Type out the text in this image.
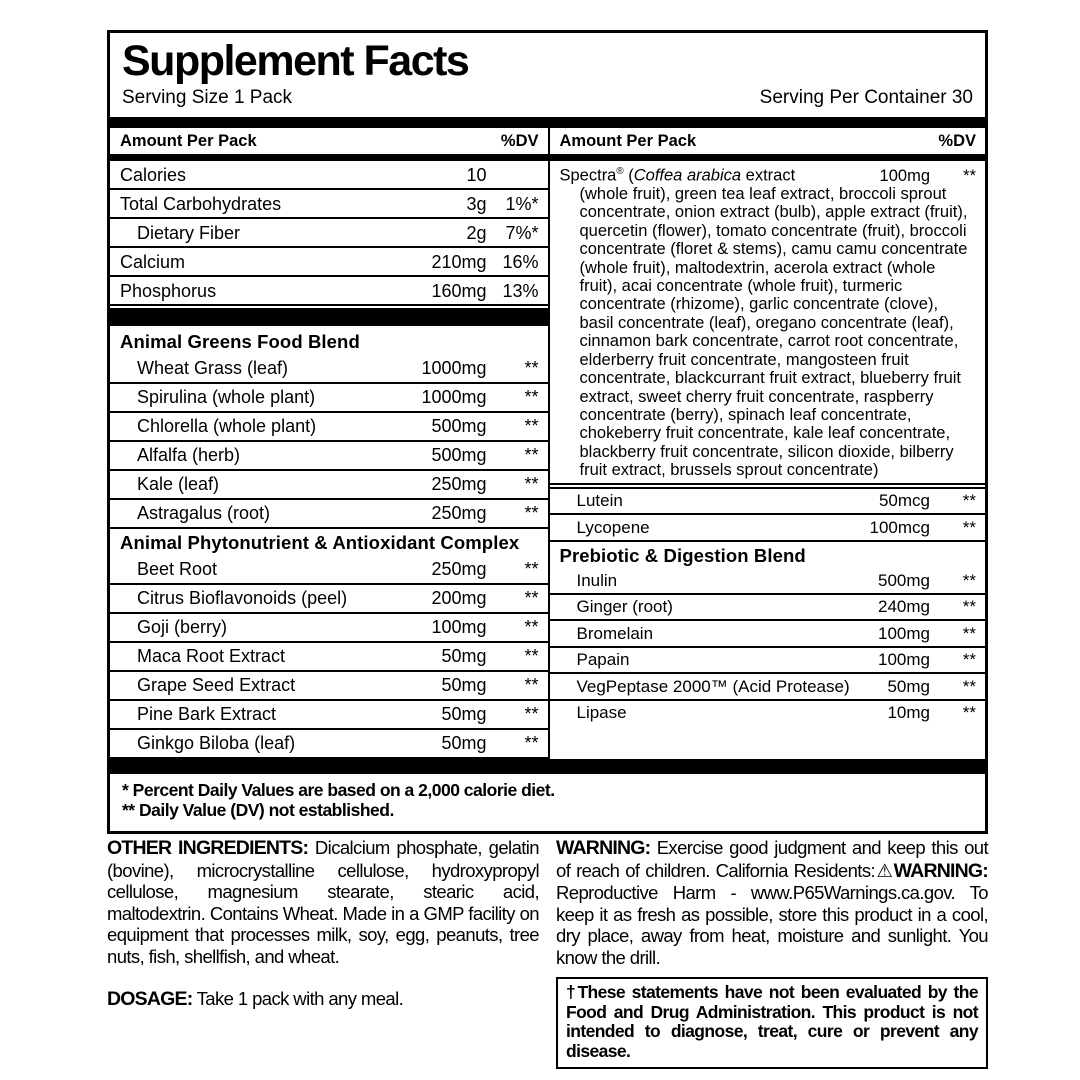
Supplement Facts
Serving Size 1 Pack	Serving Per Container 30
Amount Per Pack	%DV
Calories	10
Total Carbohydrates	3g	1%*
Dietary Fiber	2g	7%*
Calcium	210mg 16%
Phosphorus	160mg 13%
Animal Greens Food Blend
Wheat Grass (leaf)	1000mg	**
Spirulina (whole plant)	1000mg	**
Chlorella (whole plant)	500mg	**
Alfalfa (herb)	500mg	**
Kale (leaf)	250mg	**
Astragalus (root)	250mg	**
Animal Phytonutrient & Antioxidant Complex
Beet Root	250mg	**
Citrus Bioflavonoids (peel)	200mg	**
Goji (berry)	100mg	**
Maca Root Extract	50mg	**
Grape Seed Extract	50mg	**
Pine Bark Extract	50mg	**
Ginkgo Biloba (leaf)	50mg	**
Amount Per Pack	%DV
Spectra® (Coffea arabica extract	100mg	**
(whole fruit), green tea leaf extract, broccoli sprout concentrate, onion extract (bulb), apple extract (fruit), quercetin (flower), tomato concentrate (fruit), broccoli concentrate (floret & stems), camu camu concentrate (whole fruit), maltodextrin, acerola extract (whole fruit), acai concentrate (whole fruit), turmeric concentrate (rhizome), garlic concentrate (clove), basil concentrate (leaf), oregano concentrate (leaf), cinnamon bark concentrate, carrot root concentrate, elderberry fruit concentrate, mangosteen fruit concentrate, blackcurrant fruit extract, blueberry fruit extract, sweet cherry fruit concentrate, raspberry concentrate (berry), spinach leaf concentrate, chokeberry fruit concentrate, kale leaf concentrate, blackberry fruit concentrate, silicon dioxide, bilberry fruit extract, brussels sprout concentrate)
Lutein	50mcg	**
Lycopene	100mcg	**
Prebiotic & Digestion Blend
Inulin	500mg	**
Ginger (root)	240mg	**
Bromelain	100mg	**
Papain	100mg	**
VegPeptase 2000™ (Acid Protease)	50mg	**
Lipase	10mg	**
* Percent Daily Values are based on a 2,000 calorie diet.
** Daily Value (DV) not established.

OTHER INGREDIENTS: Dicalcium phosphate, gelatin (bovine), microcrystalline cellulose, hydroxypropyl cellulose, magnesium stearate, stearic acid, maltodextrin. Contains Wheat. Made in a GMP facility on equipment that processes milk, soy, egg, peanuts, tree nuts, fish, shellfish, and wheat.

DOSAGE: Take 1 pack with any meal.

WARNING: Exercise good judgment and keep this out of reach of children. California Residents:⚠WARNING: Reproductive Harm - www.P65Warnings.ca.gov. To keep it as fresh as possible, store this product in a cool, dry place, away from heat, moisture and sunlight. You know the drill.

†These statements have not been evaluated by the Food and Drug Administration. This product is not intended to diagnose, treat, cure or prevent any disease.
